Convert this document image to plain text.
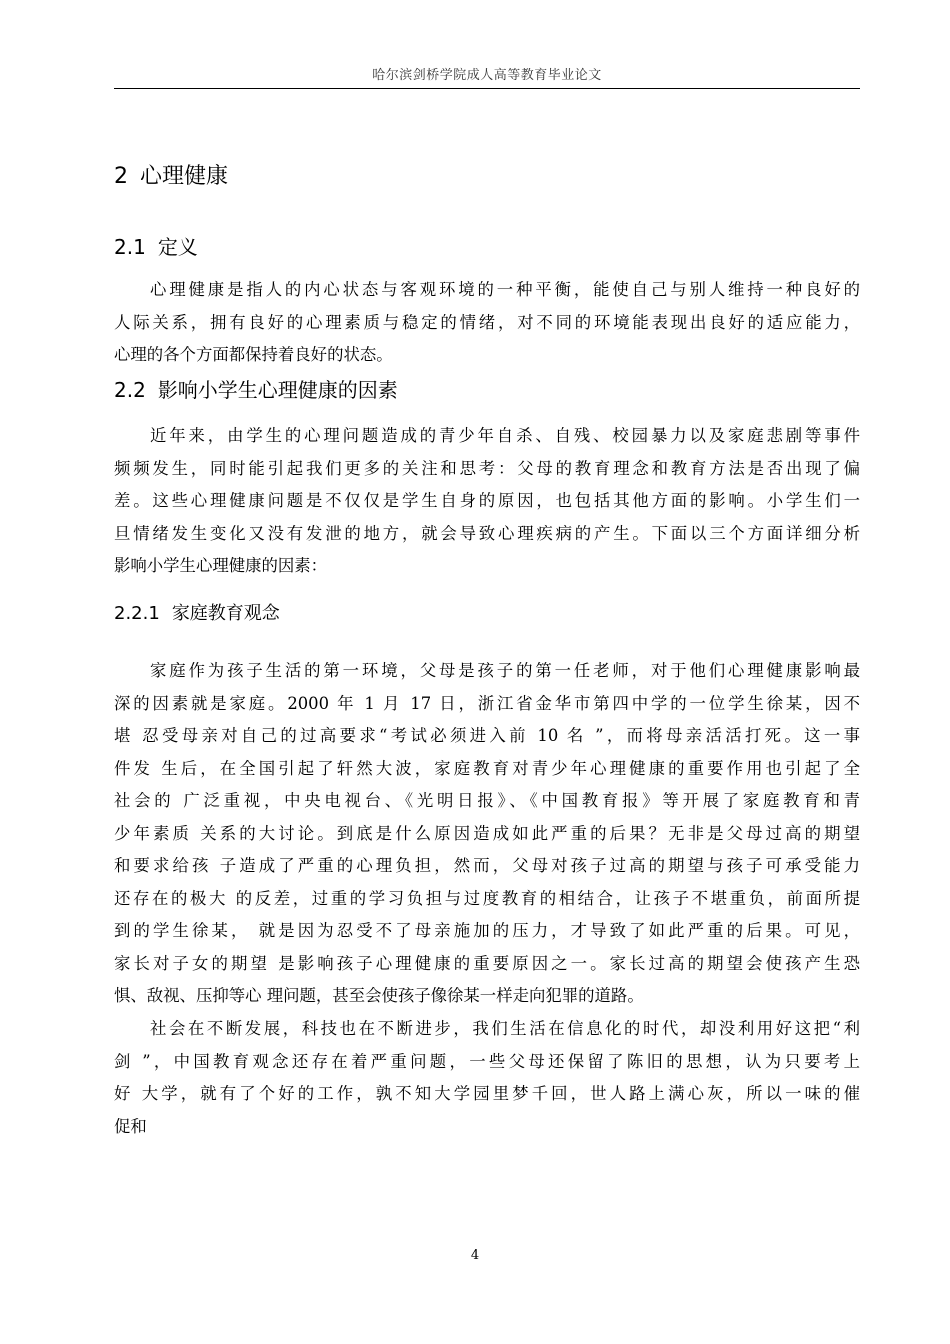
哈尔滨剑桥学院成人高等教育毕业论文
2 心理健康
2.1 定义
心理健康是指人的内心状态与客观环境的一种平衡，能使自己与别人维持一种良好的
人际关系，拥有良好的心理素质与稳定的情绪，对不同的环境能表现出良好的适应能力，
心理的各个方面都保持着良好的状态。
2.2 影响小学生心理健康的因素
近年来，由学生的心理问题造成的青少年自杀、自残、校园暴力以及家庭悲剧等事件
频频发生，同时能引起我们更多的关注和思考：父母的教育理念和教育方法是否出现了偏
差。这些心理健康问题是不仅仅是学生自身的原因，也包括其他方面的影响。小学生们一
旦情绪发生变化又没有发泄的地方，就会导致心理疾病的产生。下面以三个方面详细分析
影响小学生心理健康的因素：
2.2.1 家庭教育观念
家庭作为孩子生活的第一环境，父母是孩子的第一任老师，对于他们心理健康影响最
深的因素就是家庭。2000 年 1 月 17 日，浙江省金华市第四中学的一位学生徐某，因不
堪 忍受母亲对自己的过高要求“考试必须进入前 10 名 ”，而将母亲活活打死。这一事
件发 生后，在全国引起了轩然大波，家庭教育对青少年心理健康的重要作用也引起了全
社会的 广泛重视，中央电视台、《光明日报》、《中国教育报》等开展了家庭教育和青
少年素质 关系的大讨论。到底是什么原因造成如此严重的后果？无非是父母过高的期望
和要求给孩 子造成了严重的心理负担，然而，父母对孩子过高的期望与孩子可承受能力
还存在的极大 的反差，过重的学习负担与过度教育的相结合，让孩子不堪重负，前面所提
到的学生徐某， 就是因为忍受不了母亲施加的压力，才导致了如此严重的后果。可见，
家长对子女的期望 是影响孩子心理健康的重要原因之一。家长过高的期望会使孩产生恐
惧、敌视、压抑等心 理问题，甚至会使孩子像徐某一样走向犯罪的道路。
社会在不断发展，科技也在不断进步，我们生活在信息化的时代，却没利用好这把“利
剑 ”，中国教育观念还存在着严重问题，一些父母还保留了陈旧的思想，认为只要考上
好 大学，就有了个好的工作，孰不知大学园里梦千回，世人路上满心灰，所以一味的催
促和
4
